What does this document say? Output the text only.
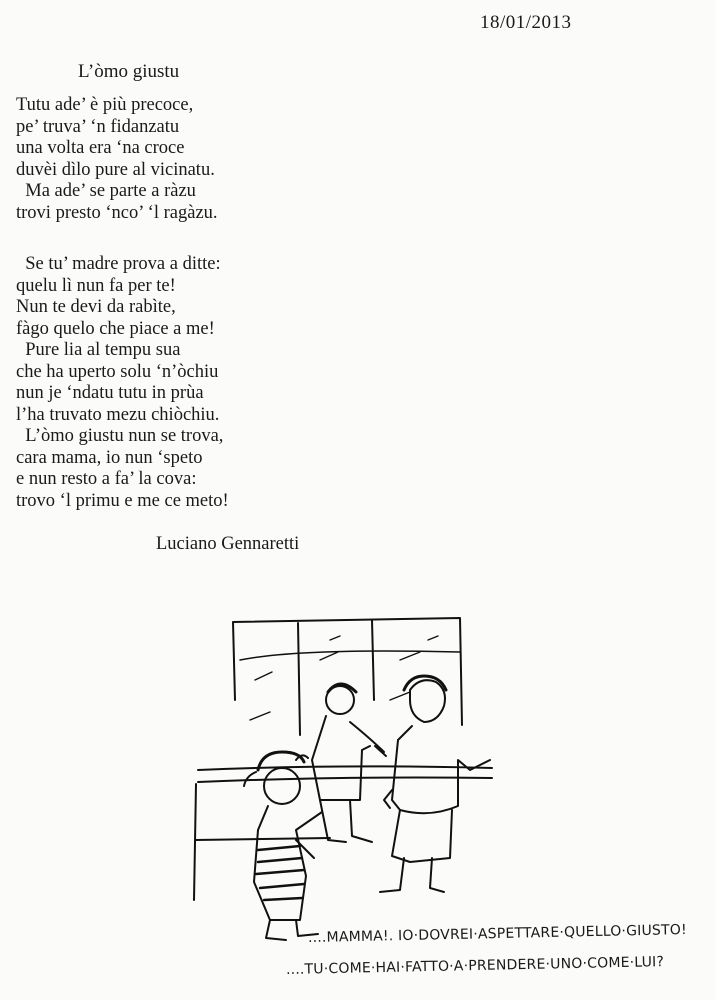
18/01/2013
L’òmo giustu
Tutu ade’ è più precoce,
pe’ truva’ ‘n fidanzatu
una volta era ‘na croce
duvèi dìlo pure al vicinatu.
Ma ade’ se parte a ràzu
trovi presto ‘nco’ ‘l ragàzu.
Se tu’ madre prova a ditte:
quelu lì nun fa per te!
Nun te devi da rabìte,
fàgo quelo che piace a me!
Pure lia al tempu sua
che ha uperto solu ‘n’òchiu
nun je ‘ndatu tutu in prùa
l’ha truvato mezu chiòchiu.
L’òmo giustu nun se trova,
cara mama, io nun ‘speto
e nun resto a fa’ la cova:
trovo ‘l primu e me ce meto!
Luciano Gennaretti
....MAMMA!. IO·DOVREI·ASPETTARE·QUELLO·GIUSTO!
....TU·COME·HAI·FATTO·A·PRENDERE·UNO·COME·LUI?
